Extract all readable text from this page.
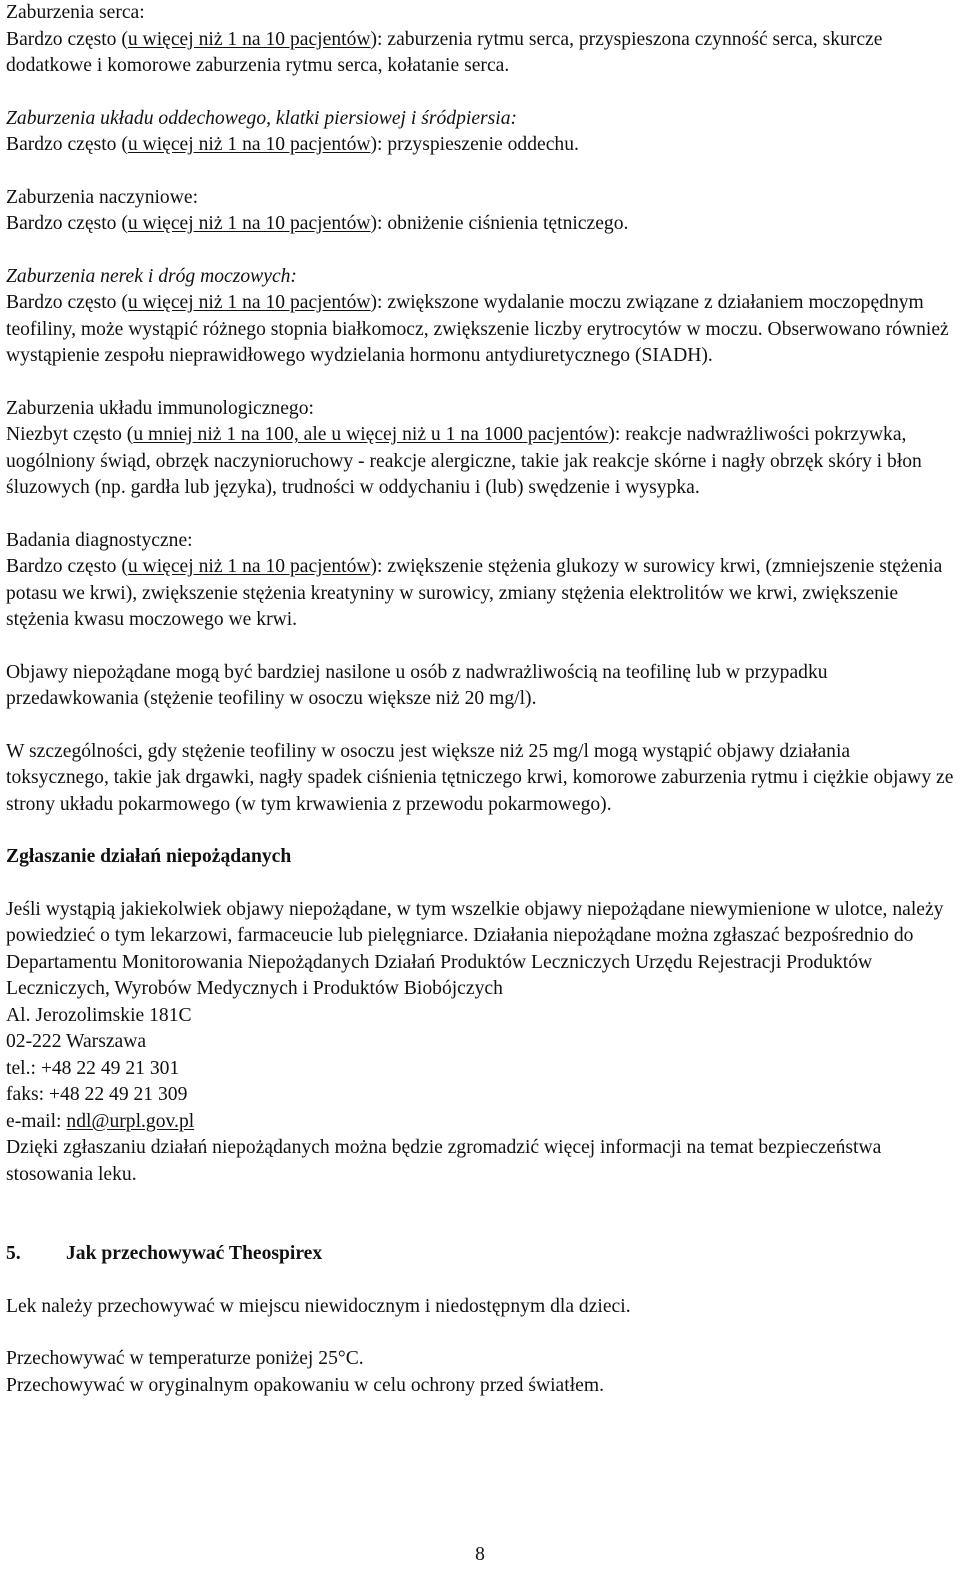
Zaburzenia serca:

Bardzo często (u więcej niż 1 na 10 pacjentów): zaburzenia rytmu serca, przyspieszona czynność serca, skurcze dodatkowe i komorowe zaburzenia rytmu serca, kołatanie serca.

Zaburzenia układu oddechowego, klatki piersiowej i śródpiersia:

Bardzo często (u więcej niż 1 na 10 pacjentów): przyspieszenie oddechu.

Zaburzenia naczyniowe:

Bardzo często (u więcej niż 1 na 10 pacjentów): obniżenie ciśnienia tętniczego.

Zaburzenia nerek i dróg moczowych:

Bardzo często (u więcej niż 1 na 10 pacjentów): zwiększone wydalanie moczu związane z działaniem moczopędnym teofiliny, może wystąpić różnego stopnia białkomocz, zwiększenie liczby erytrocytów w moczu. Obserwowano również wystąpienie zespołu nieprawidłowego wydzielania hormonu antydiuretycznego (SIADH).

Zaburzenia układu immunologicznego:

Niezbyt często (u mniej niż 1 na 100, ale u więcej niż u 1 na 1000 pacjentów): reakcje nadwrażliwości pokrzywka, uogólniony świąd, obrzęk naczynioruchowy - reakcje alergiczne, takie jak reakcje skórne i nagły obrzęk skóry i błon śluzowych (np. gardła lub języka), trudności w oddychaniu i (lub) swędzenie i wysypka.

Badania diagnostyczne:

Bardzo często (u więcej niż 1 na 10 pacjentów): zwiększenie stężenia glukozy w surowicy krwi, (zmniejszenie stężenia potasu we krwi), zwiększenie stężenia kreatyniny w surowicy, zmiany stężenia elektrolitów we krwi, zwiększenie stężenia kwasu moczowego we krwi.

Objawy niepożądane mogą być bardziej nasilone u osób z nadwrażliwością na teofilinę lub w przypadku przedawkowania (stężenie teofiliny w osoczu większe niż 20 mg/l).

W szczególności, gdy stężenie teofiliny w osoczu jest większe niż 25 mg/l mogą wystąpić objawy działania toksycznego, takie jak drgawki, nagły spadek ciśnienia tętniczego krwi, komorowe zaburzenia rytmu i ciężkie objawy ze strony układu pokarmowego (w tym krwawienia z przewodu pokarmowego).

Zgłaszanie działań niepożądanych

Jeśli wystąpią jakiekolwiek objawy niepożądane, w tym wszelkie objawy niepożądane niewymienione w ulotce, należy powiedzieć o tym lekarzowi, farmaceucie lub pielęgniarce. Działania niepożądane można zgłaszać bezpośrednio do Departamentu Monitorowania Niepożądanych Działań Produktów Leczniczych Urzędu Rejestracji Produktów Leczniczych, Wyrobów Medycznych i Produktów Biobójczych

Al. Jerozolimskie 181C

02-222 Warszawa

tel.: +48 22 49 21 301

faks: +48 22 49 21 309

e-mail: ndl@urpl.gov.pl

Dzięki zgłaszaniu działań niepożądanych można będzie zgromadzić więcej informacji na temat bezpieczeństwa stosowania leku.

5.	Jak przechowywać Theospirex

Lek należy przechowywać w miejscu niewidocznym i niedostępnym dla dzieci.

Przechowywać w temperaturze poniżej 25°C.

Przechowywać w oryginalnym opakowaniu w celu ochrony przed światłem.

8
